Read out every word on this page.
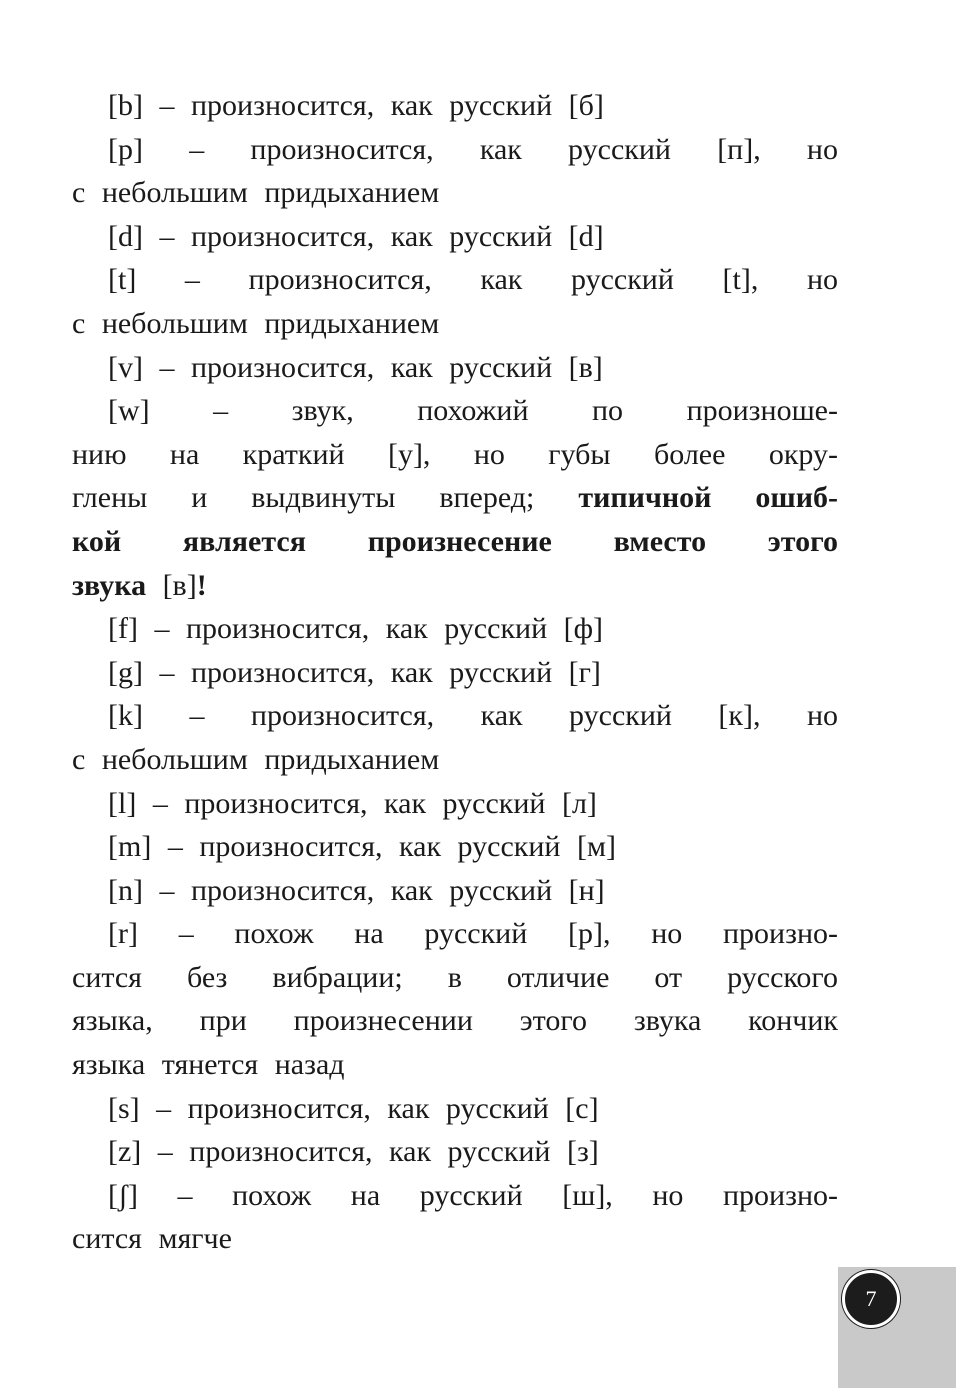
[b] – произносится, как русский [б]
[p] – произносится, как русский [п], но
с небольшим придыханием
[d] – произносится, как русский [d]
[t] – произносится, как русский [t], но
с небольшим придыханием
[v] – произносится, как русский [в]
[w] – звук, похожий по произноше-
нию на краткий [у], но губы более окру-
глены и выдвинуты вперед; типичной ошиб-
кой является произнесение вместо этого
звука [в]!
[f] – произносится, как русский [ф]
[g] – произносится, как русский [г]
[k] – произносится, как русский [к], но
с небольшим придыханием
[l] – произносится, как русский [л]
[m] – произносится, как русский [м]
[n] – произносится, как русский [н]
[r] – похож на русский [р], но произно-
сится без вибрации; в отличие от русского
языка, при произнесении этого звука кончик
языка тянется назад
[s] – произносится, как русский [с]
[z] – произносится, как русский [з]
[ʃ] – похож на русский [ш], но произно-
сится мягче
7
